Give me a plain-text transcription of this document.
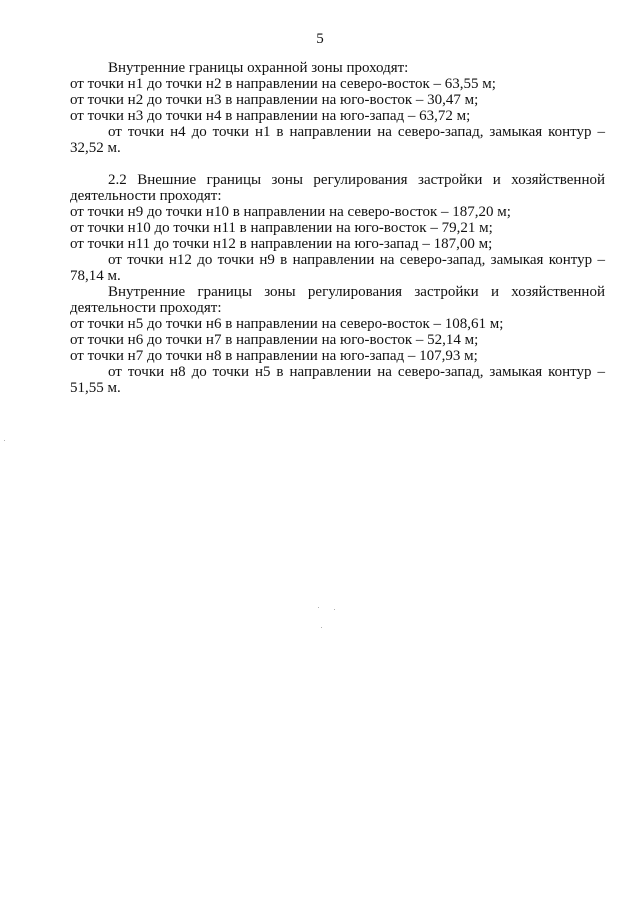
5
Внутренние границы охранной зоны проходят:
от точки н1 до точки н2 в направлении на северо-восток – 63,55 м;
от точки н2 до точки н3 в направлении на юго-восток – 30,47 м;
от точки н3 до точки н4 в направлении на юго-запад – 63,72 м;
от точки н4 до точки н1 в направлении на северо-запад, замыкая контур – 32,52 м.
2.2 Внешние границы зоны регулирования застройки и хозяйственной деятельности проходят:
от точки н9 до точки н10 в направлении на северо-восток – 187,20 м;
от точки н10 до точки н11 в направлении на юго-восток – 79,21 м;
от точки н11 до точки н12 в направлении на юго-запад – 187,00 м;
от точки н12 до точки н9 в направлении на северо-запад, замыкая контур – 78,14 м.
Внутренние границы зоны регулирования застройки и хозяйственной деятельности проходят:
от точки н5 до точки н6 в направлении на северо-восток – 108,61 м;
от точки н6 до точки н7 в направлении на юго-восток – 52,14 м;
от точки н7 до точки н8 в направлении на юго-запад – 107,93 м;
от точки н8 до точки н5 в направлении на северо-запад, замыкая контур – 51,55 м.
